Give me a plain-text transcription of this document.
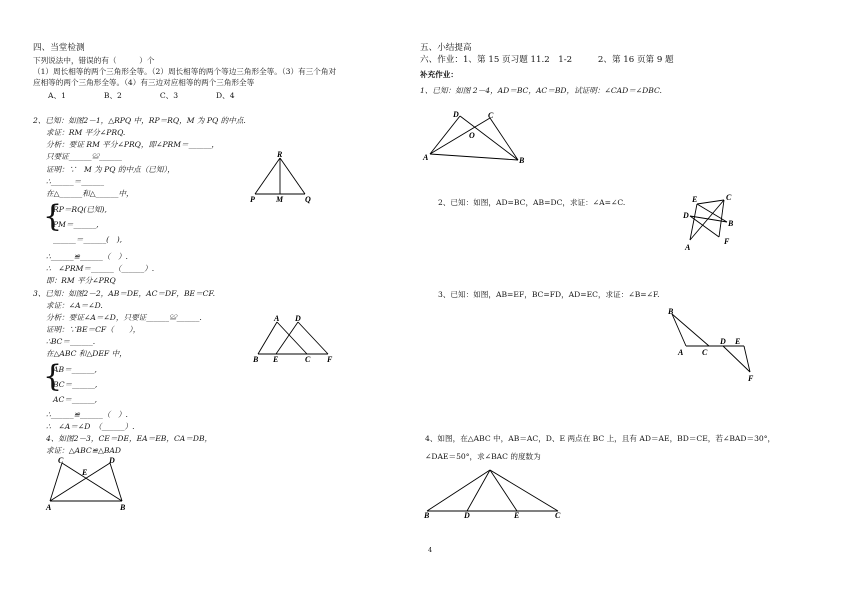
四、当堂检测
下列说法中，错误的有（　　　）个
（1）周长相等的两个三角形全等。（2）周长相等的两个等边三角形全等。（3）有三个角对
应相等的两个三角形全等。（4）有三边对应相等的两个三角形全等
A、1　　　　　B、2　　　　　C、3　　　　　D、4
2、已知：如图2－1，△RPQ 中，RP＝RQ，M 为 PQ 的中点.
求证：RM 平分∠PRQ.
分析：要证 RM 平分∠PRQ，即∠PRM＝______，
只要证______≌______
证明：∵　M 为 PQ 的中点（已知），
∴______＝______
在△______和△______中，
{
RP＝RQ(已知),
PM＝______,
______＝______(　),
∴______≌______（　）.
∴　∠PRM＝______（______）.
即：RM 平分∠PRQ
3、已知：如图2－2，AB＝DE，AC＝DF，BE＝CF.
求证：∠A＝∠D.
分析：要证∠A＝∠D，只要证______≌______.
证明：∵BE＝CF（　　），
∴BC＝______.
在△ABC 和△DEF 中，
{
AB＝______,
BC＝______,
AC＝______,
∴______≌______（　）.
∴　∠A＝∠D　（______）.
4、如图2－3，CE＝DE，EA＝EB，CA＝DB，
求证：△ABC≌△BAD
R
P	M	Q
A D
B E	C F
C	D
E
A	B
五、小结提高
六、作业：1、第 15 页习题 11.2　1-2　　　2、第 16 页第 9 题
补充作业：
1、已知：如图 2－4，AD＝BC，AC＝BD，试证明：∠CAD＝∠DBC.
D	C
O
A	B
2、已知：如图，AD=BC，AB=DC，求证：∠A=∠C.	E	C
D
B
A
F
3、已知：如图，AB=EF，BC=FD，AD=EC，求证：∠B=∠F.
B
A C
D E
F
4、如图，在△ABC 中，AB＝AC，D、E 两点在 BC 上，且有 AD＝AE，BD＝CE，若∠BAD＝30°，
∠DAE＝50°，求∠BAC 的度数为
B	D	E	C
4
